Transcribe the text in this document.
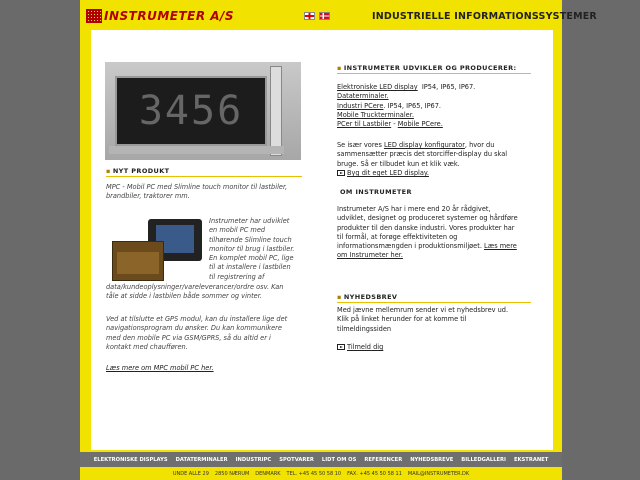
INSTRUMETER A/S	INDUSTRIELLE INFORMATIONSSYSTEMER
3456
▪ NYT PRODUKT
MPC - Mobil PC med Slimline touch monitor til lastbiler, brandbiler, traktorer mm.
Instrumeter har udviklet
en mobil PC med
tilhørende Slimline touch
monitor til brug i lastbiler.
En komplet mobil PC, lige
til at installere i lastbilen
til registrering af
data/kundeoplysninger/vareleverancer/ordre osv. Kan
tåle at sidde i lastbilen både sommer og vinter.
Ved at tilslutte et GPS modul, kan du installere lige det
navigationsprogram du ønsker. Du kan kommunikere
med den mobile PC via GSM/GPRS, så du altid er i
kontakt med chaufføren.
Læs mere om MPC mobil PC her.
▪ INSTRUMETER UDVIKLER OG PRODUCERER:
Elektroniske LED display  IP54, IP65, IP67.
Dataterminaler.
Industri PCere. IP54, IP65, IP67.
Mobile Truckterminaler.
PCer til Lastbiler - Mobile PCere.
Se især vores LED display konfigurator, hvor du
sammensætter præcis det storciffer-display du skal
bruge. Så er tilbudet kun et klik væk.
Byg dit eget LED display.
OM INSTRUMETER
Instrumeter A/S har i mere end 20 år rådgivet,
udviklet, designet og produceret systemer og hårdføre
produkter til den danske industri. Vores produkter har
til formål, at forøge effektiviteten og
informationsmængden i produktionsmiljøet. Læs mere
om Instrumeter her.
▪ NYHEDSBREV
Med jævne mellemrum sender vi et nyhedsbrev ud.
Klik på linket herunder for at komme til
tilmeldingssiden
Tilmeld dig
ELEKTRONISKE DISPLAYS DATATERMINALER INDUSTRIPC SPOTVARER LIDT OM OS REFERENCER NYHEDSBREVE BILLEDGALLERI EKSTRANET
UNDE ALLE 29 2850 NÆRUM DENMARK TEL. +45 45 50 58 10 FAX. +45 45 50 58 11 MAIL@INSTRUMETER.DK
